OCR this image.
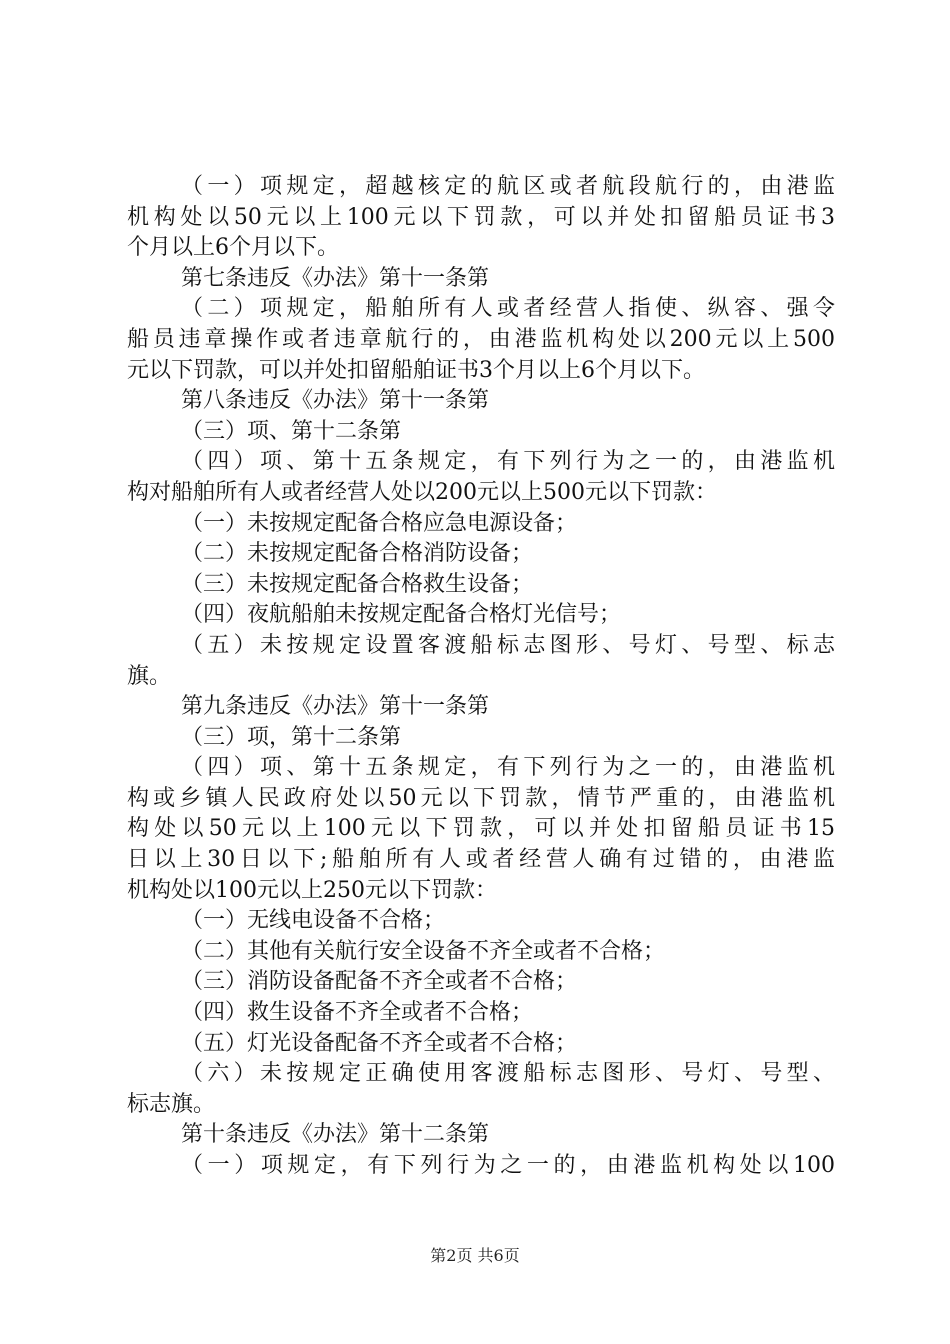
（一）项规定，超越核定的航区或者航段航行的，由港监
机构处以50元以上100元以下罚款，可以并处扣留船员证书3
个月以上6个月以下。
第七条违反《办法》第十一条第
（二）项规定，船舶所有人或者经营人指使、纵容、强令
船员违章操作或者违章航行的，由港监机构处以200元以上500
元以下罚款，可以并处扣留船舶证书3个月以上6个月以下。
第八条违反《办法》第十一条第
（三）项、第十二条第
（四）项、第十五条规定，有下列行为之一的，由港监机
构对船舶所有人或者经营人处以200元以上500元以下罚款：
（一）未按规定配备合格应急电源设备；
（二）未按规定配备合格消防设备；
（三）未按规定配备合格救生设备；
（四）夜航船舶未按规定配备合格灯光信号；
（五）未按规定设置客渡船标志图形、号灯、号型、标志
旗。
第九条违反《办法》第十一条第
（三）项，第十二条第
（四）项、第十五条规定，有下列行为之一的，由港监机
构或乡镇人民政府处以50元以下罚款，情节严重的，由港监机
构处以50元以上100元以下罚款，可以并处扣留船员证书15
日以上30日以下;船舶所有人或者经营人确有过错的，由港监
机构处以100元以上250元以下罚款：
（一）无线电设备不合格；
（二）其他有关航行安全设备不齐全或者不合格；
（三）消防设备配备不齐全或者不合格；
（四）救生设备不齐全或者不合格；
（五）灯光设备配备不齐全或者不合格；
（六）未按规定正确使用客渡船标志图形、号灯、号型、
标志旗。
第十条违反《办法》第十二条第
（一）项规定，有下列行为之一的，由港监机构处以100
第2页 共6页
